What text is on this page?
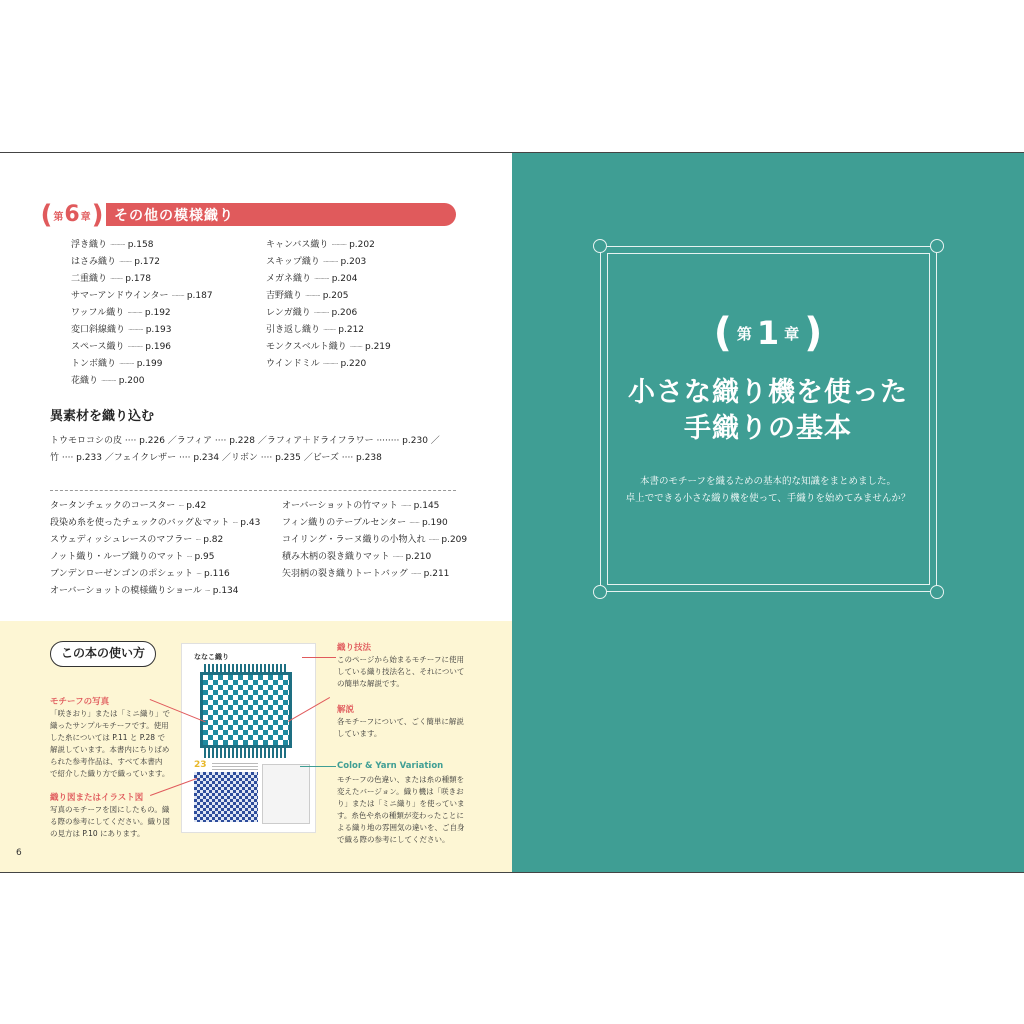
( 第 6 章 ) その他の模様織り
浮き織り ············ p.158
はさみ織り ·········· p.172
二重織り ·········· p.178
サマーアンドウインター ·········· p.187
ワッフル織り ············ p.192
変口斜線織り ············ p.193
スペース織り ············ p.196
トンボ織り ············ p.199
花織り ············ p.200
キャンバス織り ············ p.202
スキップ織り ············ p.203
メガネ織り ············ p.204
吉野織り ············ p.205
レンガ織り ············ p.206
引き返し織り ·········· p.212
モンクスベルト織り ·········· p.219
ウインドミル ············ p.220
異素材を織り込む
トウモロコシの皮 ···· p.226 ／ラフィア ···· p.228 ／ラフィア＋ドライフラワー ········ p.230 ／
竹 ···· p.233 ／フェイクレザー ···· p.234 ／リボン ···· p.235 ／ビーズ ···· p.238
タータンチェックのコースター ···· p.42
段染め糸を使ったチェックのバッグ＆マット ···· p.43
スウェディッシュレースのマフラー ···· p.82
ノット織り・ループ織りのマット ···· p.95
ブンデンローゼンゴンのポシェット ···· p.116
オーバーショットの模様織りショール ···· p.134
オーバーショットの竹マット ········ p.145
フィン織りのテーブルセンター ········ p.190
コイリング・ラーヌ織りの小物入れ ········ p.209
積み木柄の裂き織りマット ········ p.210
矢羽柄の裂き織りトートバッグ ········ p.211
この本の使い方
モチーフの写真
「咲きおり」または「ミニ織り」で
織ったサンプルモチーフです。使用
した糸については P.11 と P.28 で
解説しています。本書内にちりばめ
られた参考作品は、すべて本書内
で紹介した織り方で織っています。
織り図またはイラスト図
写真のモチーフを図にしたもの。織
る際の参考にしてください。織り図
の見方は P.10 にあります。
ななこ織り
23
織り技法
このページから始まるモチーフに使用
している織り技法名と、それについて
の簡単な解説です。
解説
各モチーフについて、ごく簡単に解説
しています。
Color & Yarn Variation
モチーフの色違い、または糸の種類を
変えたバージョン。織り機は「咲きお
り」または「ミニ織り」を使っていま
す。糸色や糸の種類が変わったことに
よる織り地の雰囲気の違いを、ご自身
で織る際の参考にしてください。
6
( 第 1 章 )
小さな織り機を使った
手織りの基本
本書のモチーフを織るための基本的な知識をまとめました。
卓上でできる小さな織り機を使って、手織りを始めてみませんか？
